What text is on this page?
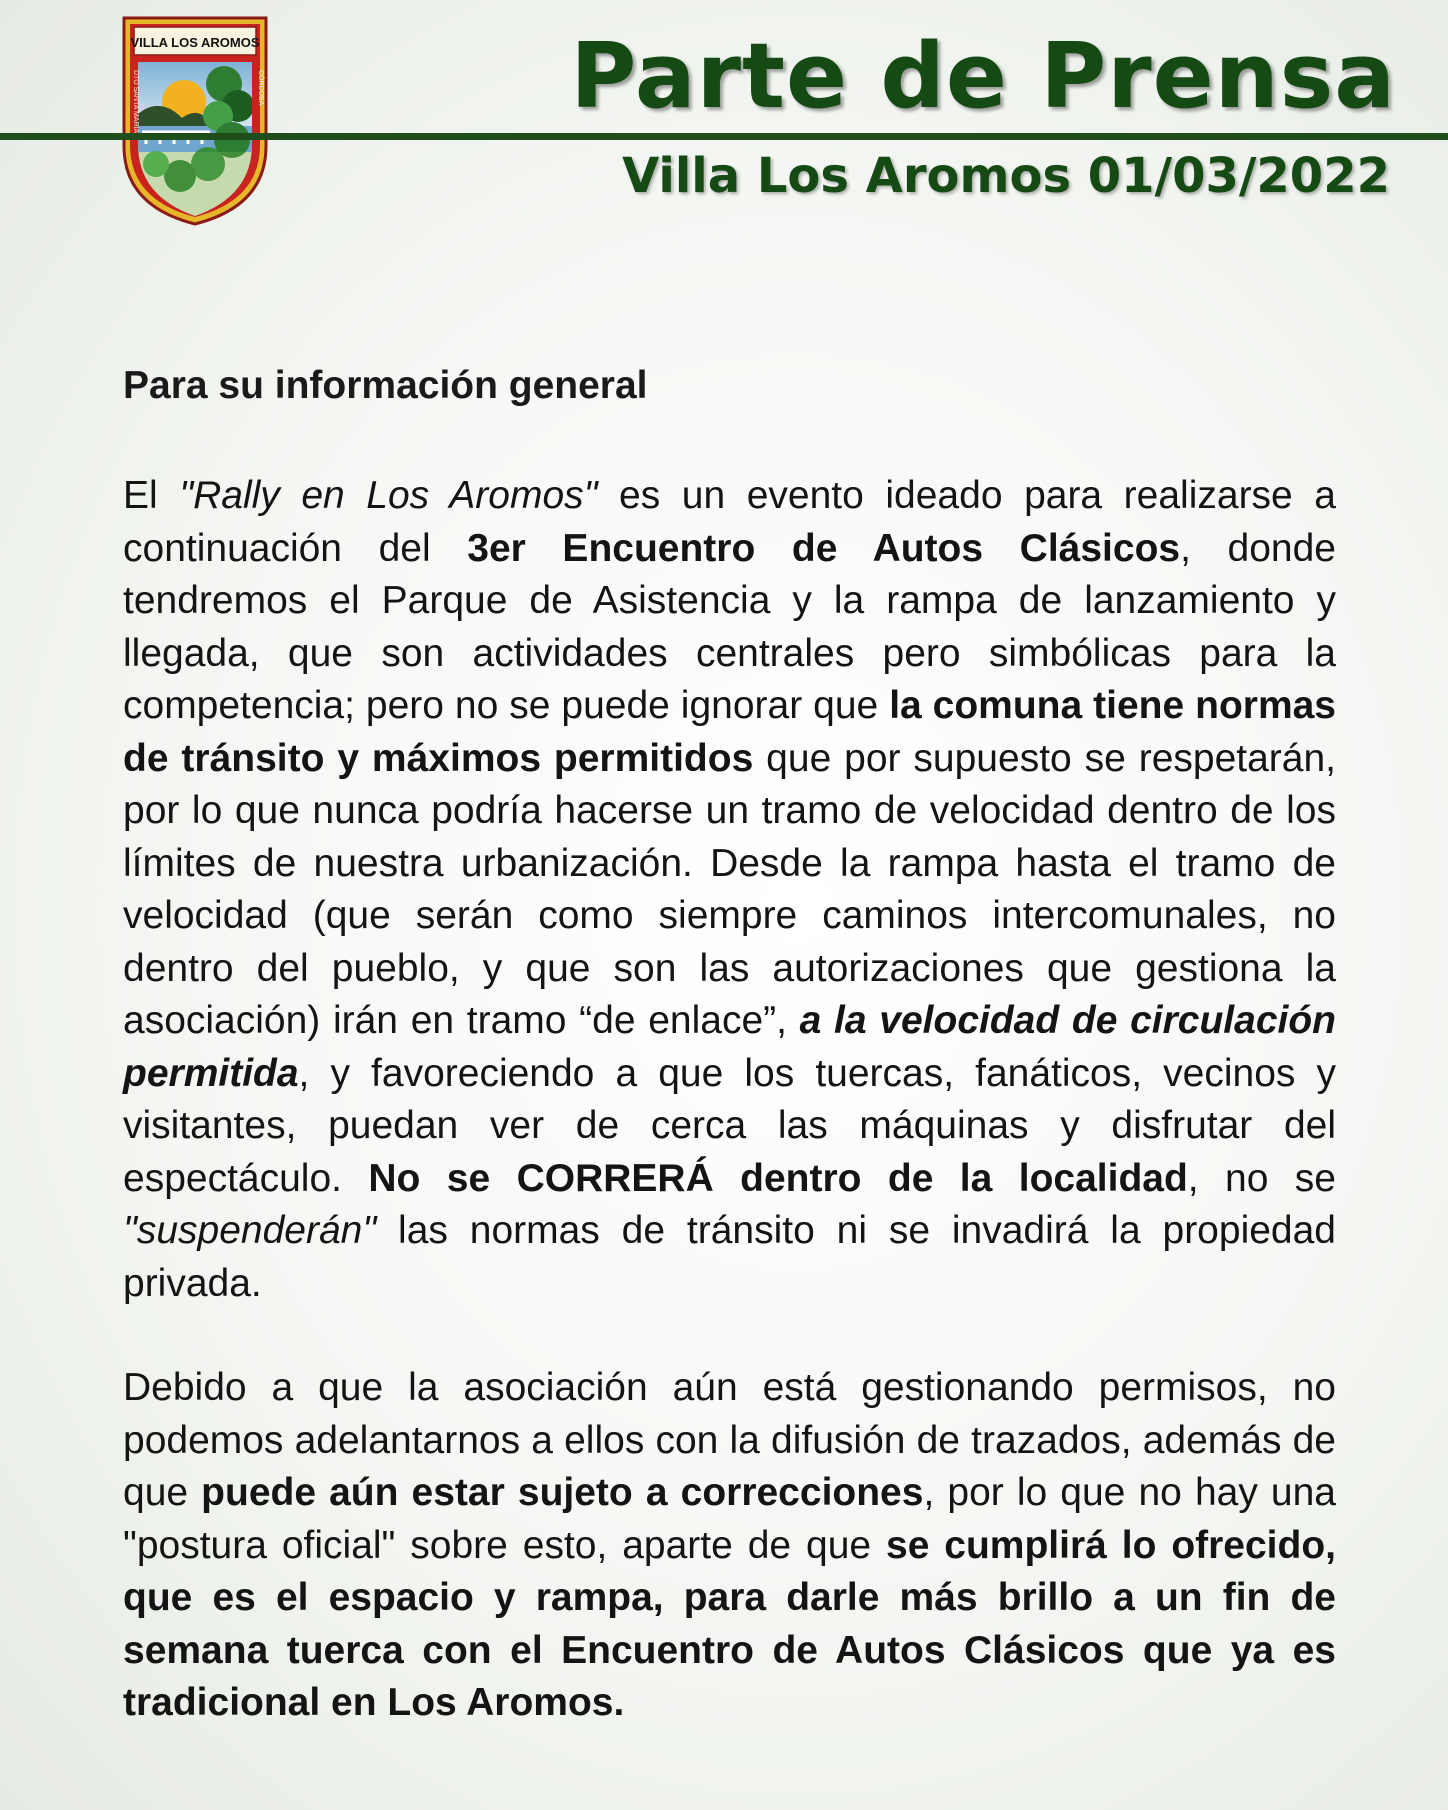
VILLA LOS AROMOS
DTO SANTA MARIA	CÓRDOBA	Parte de Prensa
Villa Los Aromos 01/03/2022

Para su información general

El "Rally en Los Aromos" es un evento ideado para realizarse a continuación del 3er Encuentro de Autos Clásicos, donde tendremos el Parque de Asistencia y la rampa de lanzamiento y llegada, que son actividades centrales pero simbólicas para la competencia; pero no se puede ignorar que la comuna tiene normas de tránsito y máximos permitidos que por supuesto se respetarán, por lo que nunca podría hacerse un tramo de velocidad dentro de los límites de nuestra urbanización. Desde la rampa hasta el tramo de velocidad (que serán como siempre caminos intercomunales, no dentro del pueblo, y que son las autorizaciones que gestiona la asociación) irán en tramo “de enlace”, a la velocidad de circulación permitida, y favoreciendo a que los tuercas, fanáticos, vecinos y visitantes, puedan ver de cerca las máquinas y disfrutar del espectáculo. No se CORRERÁ dentro de la localidad, no se "suspenderán" las normas de tránsito ni se invadirá la propiedad privada.

Debido a que la asociación aún está gestionando permisos, no podemos adelantarnos a ellos con la difusión de trazados, además de que puede aún estar sujeto a correcciones, por lo que no hay una "postura oficial" sobre esto, aparte de que se cumplirá lo ofrecido, que es el espacio y rampa, para darle más brillo a un fin de semana tuerca con el Encuentro de Autos Clásicos que ya es tradicional en Los Aromos.
